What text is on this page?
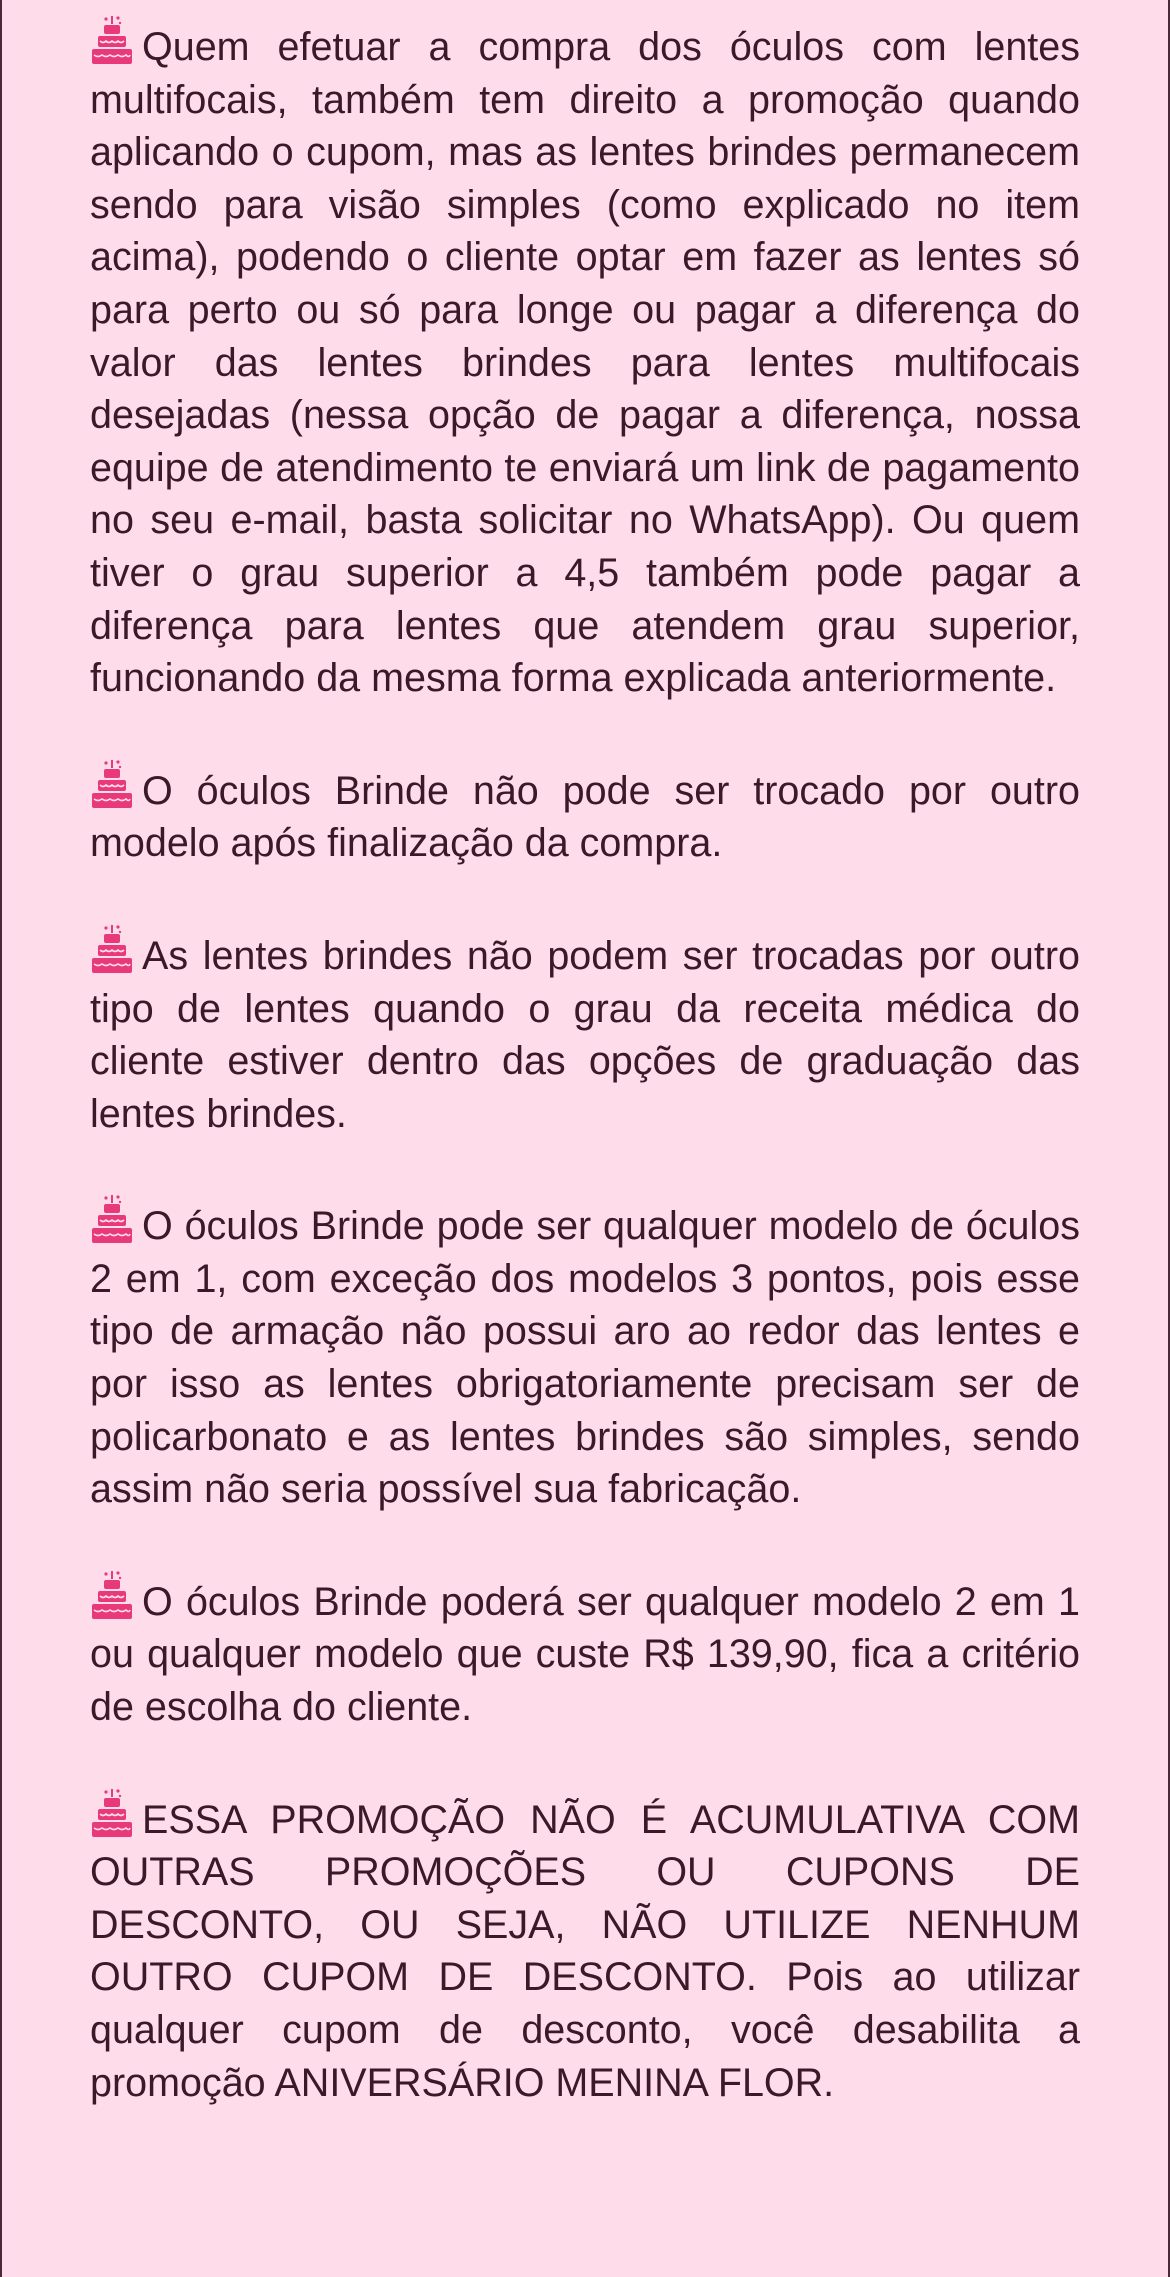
Quem efetuar a compra dos óculos com lentes multifocais, também tem direito a promoção quando aplicando o cupom, mas as lentes brindes permanecem sendo para visão simples (como explicado no item acima), podendo o cliente optar em fazer as lentes só para perto ou só para longe ou pagar a diferença do valor das lentes brindes para lentes multifocais desejadas (nessa opção de pagar a diferença, nossa equipe de atendimento te enviará um link de pagamento no seu e-mail, basta solicitar no WhatsApp). Ou quem tiver o grau superior a 4,5 também pode pagar a diferença para lentes que atendem grau superior, funcionando da mesma forma explicada anteriormente.

O óculos Brinde não pode ser trocado por outro modelo após finalização da compra.

As lentes brindes não podem ser trocadas por outro tipo de lentes quando o grau da receita médica do cliente estiver dentro das opções de graduação das lentes brindes.

O óculos Brinde pode ser qualquer modelo de óculos 2 em 1, com exceção dos modelos 3 pontos, pois esse tipo de armação não possui aro ao redor das lentes e por isso as lentes obrigatoriamente precisam ser de policarbonato e as lentes brindes são simples, sendo assim não seria possível sua fabricação.

O óculos Brinde poderá ser qualquer modelo 2 em 1 ou qualquer modelo que custe R$ 139,90, fica a critério de escolha do cliente.

ESSA PROMOÇÃO NÃO É ACUMULATIVA COM OUTRAS PROMOÇÕES OU CUPONS DE DESCONTO, OU SEJA, NÃO UTILIZE NENHUM OUTRO CUPOM DE DESCONTO. Pois ao utilizar qualquer cupom de desconto, você desabilita a promoção ANIVERSÁRIO MENINA FLOR.
